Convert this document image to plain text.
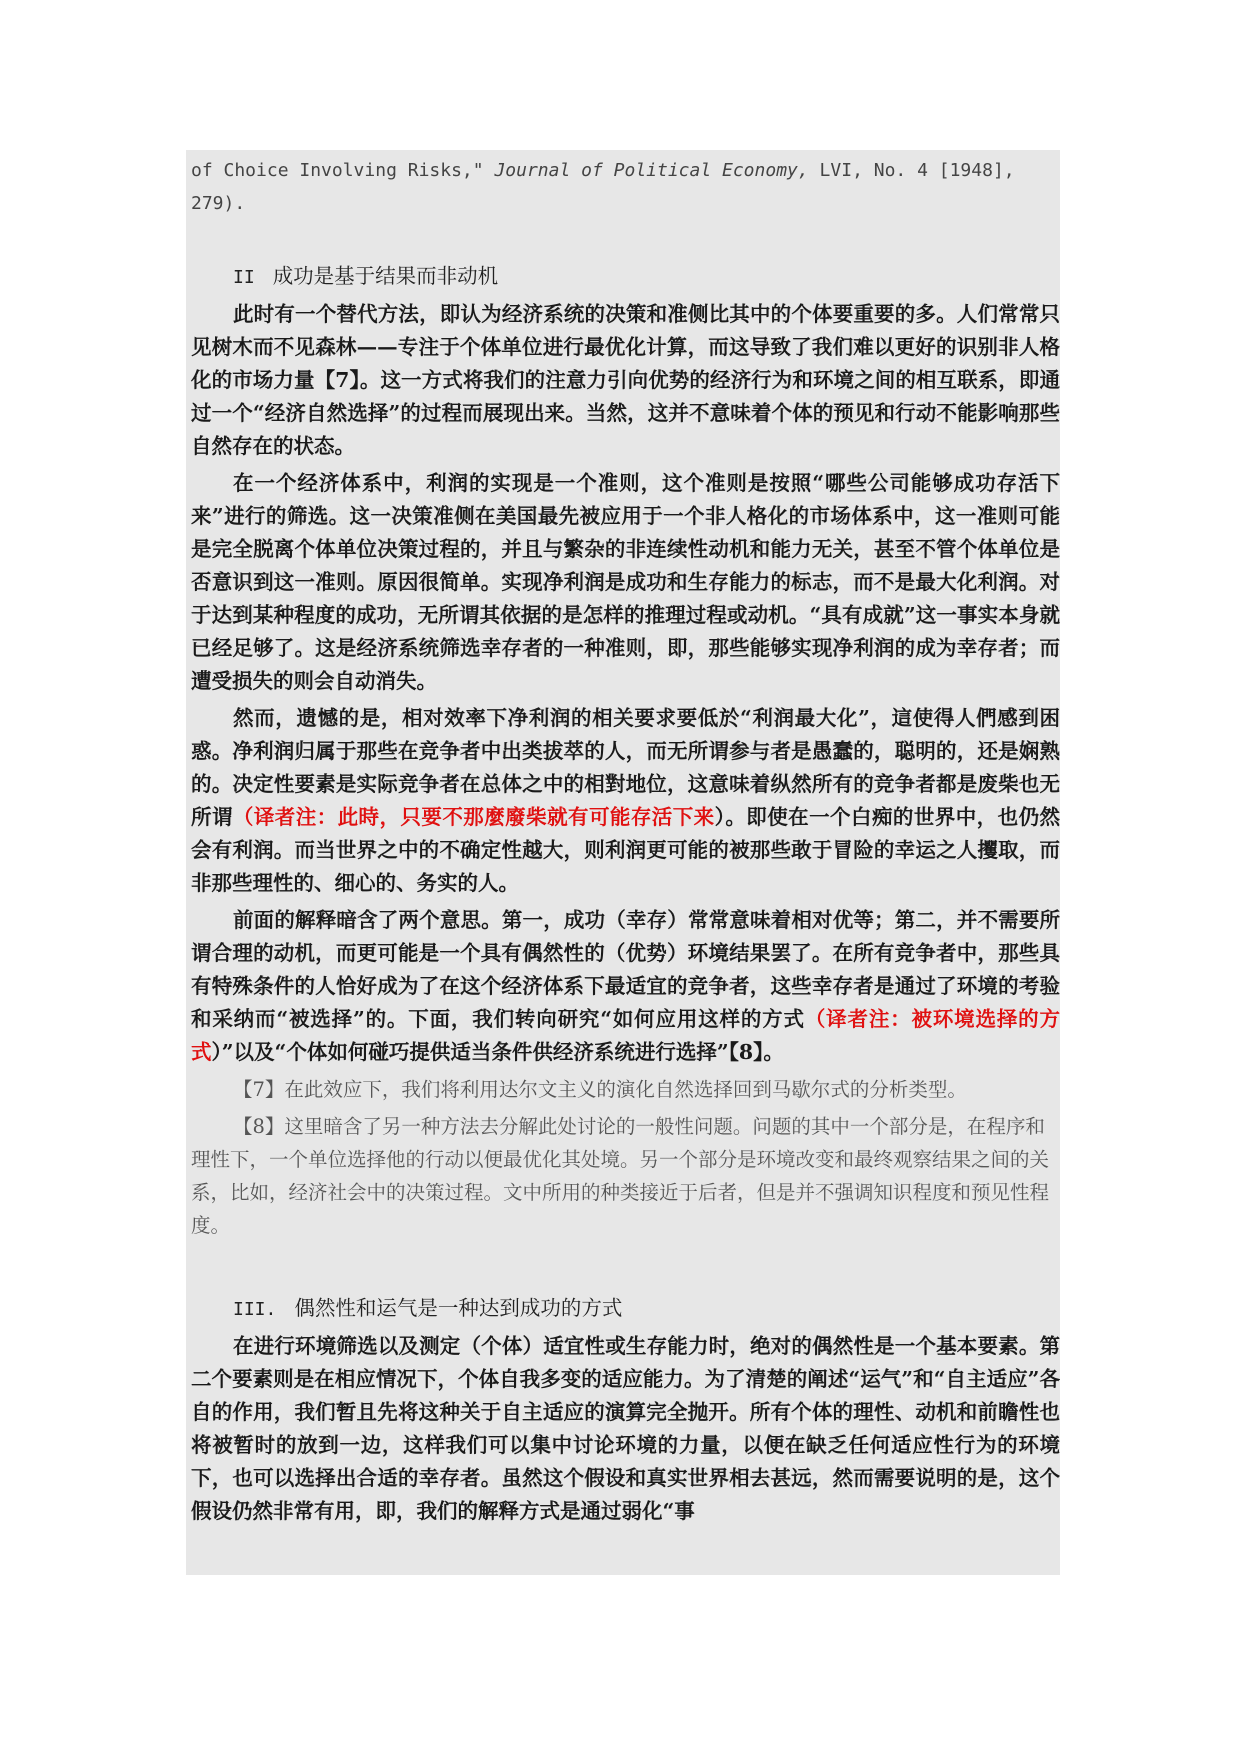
of Choice Involving Risks," Journal of Political Economy, LVI, No. 4 [1948],

279).

II 成功是基于结果而非动机

此时有一个替代方法，即认为经济系统的决策和准侧比其中的个体要重要的多。人们常常只见树木而不见森林——专注于个体单位进行最优化计算，而这导致了我们难以更好的识别非人格化的市场力量【7】。这一方式将我们的注意力引向优势的经济行为和环境之间的相互联系，即通过一个“经济自然选择”的过程而展现出来。当然，这并不意味着个体的预见和行动不能影响那些自然存在的状态。

在一个经济体系中，利润的实现是一个准则，这个准则是按照“哪些公司能够成功存活下来”进行的筛选。这一决策准侧在美国最先被应用于一个非人格化的市场体系中，这一准则可能是完全脱离个体单位决策过程的，并且与繁杂的非连续性动机和能力无关，甚至不管个体单位是否意识到这一准则。原因很简单。实现净利润是成功和生存能力的标志，而不是最大化利润。对于达到某种程度的成功，无所谓其依据的是怎样的推理过程或动机。“具有成就”这一事实本身就已经足够了。这是经济系统筛选幸存者的一种准则，即，那些能够实现净利润的成为幸存者；而遭受损失的则会自动消失。

然而，遗憾的是，相对效率下净利润的相关要求要低於“利润最大化”，這使得人們感到困惑。净利润归属于那些在竞争者中出类拔萃的人，而无所谓参与者是愚蠢的，聪明的，还是娴熟的。决定性要素是实际竞争者在总体之中的相對地位，这意味着纵然所有的竞争者都是废柴也无所谓（译者注：此時，只要不那麼廢柴就有可能存活下来）。即使在一个白痴的世界中，也仍然会有利润。而当世界之中的不确定性越大，则利润更可能的被那些敢于冒险的幸运之人攫取，而非那些理性的、细心的、务实的人。

前面的解释暗含了两个意思。第一，成功（幸存）常常意味着相对优等；第二，并不需要所谓合理的动机，而更可能是一个具有偶然性的（优势）环境结果罢了。在所有竞争者中，那些具有特殊条件的人恰好成为了在这个经济体系下最适宜的竞争者，这些幸存者是通过了环境的考验和采纳而“被选择”的。下面，我们转向研究“如何应用这样的方式（译者注：被环境选择的方式）”以及“个体如何碰巧提供适当条件供经济系统进行选择”【8】。

【7】在此效应下，我们将利用达尔文主义的演化自然选择回到马歇尔式的分析类型。

【8】这里暗含了另一种方法去分解此处讨论的一般性问题。问题的其中一个部分是，在程序和理性下，一个单位选择他的行动以便最优化其处境。另一个部分是环境改变和最终观察结果之间的关系，比如，经济社会中的决策过程。文中所用的种类接近于后者，但是并不强调知识程度和预见性程度。

III. 偶然性和运气是一种达到成功的方式

在进行环境筛选以及测定（个体）适宜性或生存能力时，绝对的偶然性是一个基本要素。第二个要素则是在相应情况下，个体自我多变的适应能力。为了清楚的阐述“运气”和“自主适应”各自的作用，我们暂且先将这种关于自主适应的演算完全抛开。所有个体的理性、动机和前瞻性也将被暂时的放到一边，这样我们可以集中讨论环境的力量，以便在缺乏任何适应性行为的环境下，也可以选择出合适的幸存者。虽然这个假设和真实世界相去甚远，然而需要说明的是，这个假设仍然非常有用，即，我们的解释方式是通过弱化“事
